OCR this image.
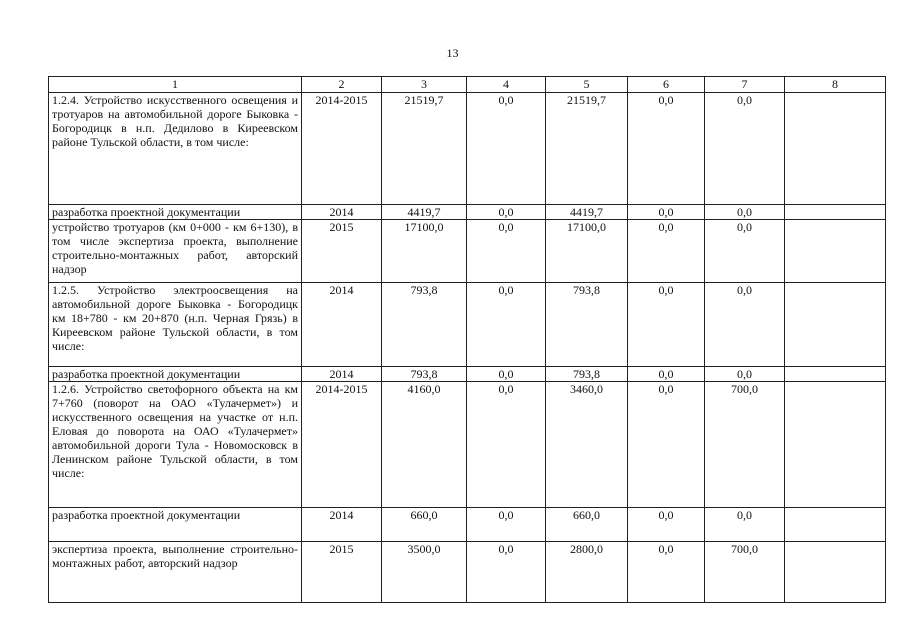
13
1	2	3	4	5	6	7	8
1.2.4. Устройство искусственного освещения и тротуаров на автомобильной дороге Быковка - Богородицк в н.п. Дедилово в Киреевском районе Тульской области, в том числе:	2014-2015	21519,7	0,0	21519,7	0,0	0,0	
разработка проектной документации	2014	4419,7	0,0	4419,7	0,0	0,0	
устройство тротуаров (км 0+000 - км 6+130), в том числе экспертиза проекта, выполнение строительно-монтажных работ, авторский надзор	2015	17100,0	0,0	17100,0	0,0	0,0	
1.2.5. Устройство электроосвещения на автомобильной дороге Быковка - Богородицк км 18+780 - км 20+870 (н.п. Черная Грязь) в Киреевском районе Тульской области, в том числе:	2014	793,8	0,0	793,8	0,0	0,0	
разработка проектной документации	2014	793,8	0,0	793,8	0,0	0,0	
1.2.6. Устройство светофорного объекта на км 7+760 (поворот на ОАО «Тулачермет») и искусственного освещения на участке от н.п. Еловая до поворота на ОАО «Тулачермет» автомобильной дороги Тула - Новомосковск в Ленинском районе Тульской области, в том числе:	2014-2015	4160,0	0,0	3460,0	0,0	700,0	
разработка проектной документации	2014	660,0	0,0	660,0	0,0	0,0	
экспертиза проекта, выполнение строительно-монтажных работ, авторский надзор	2015	3500,0	0,0	2800,0	0,0	700,0	
